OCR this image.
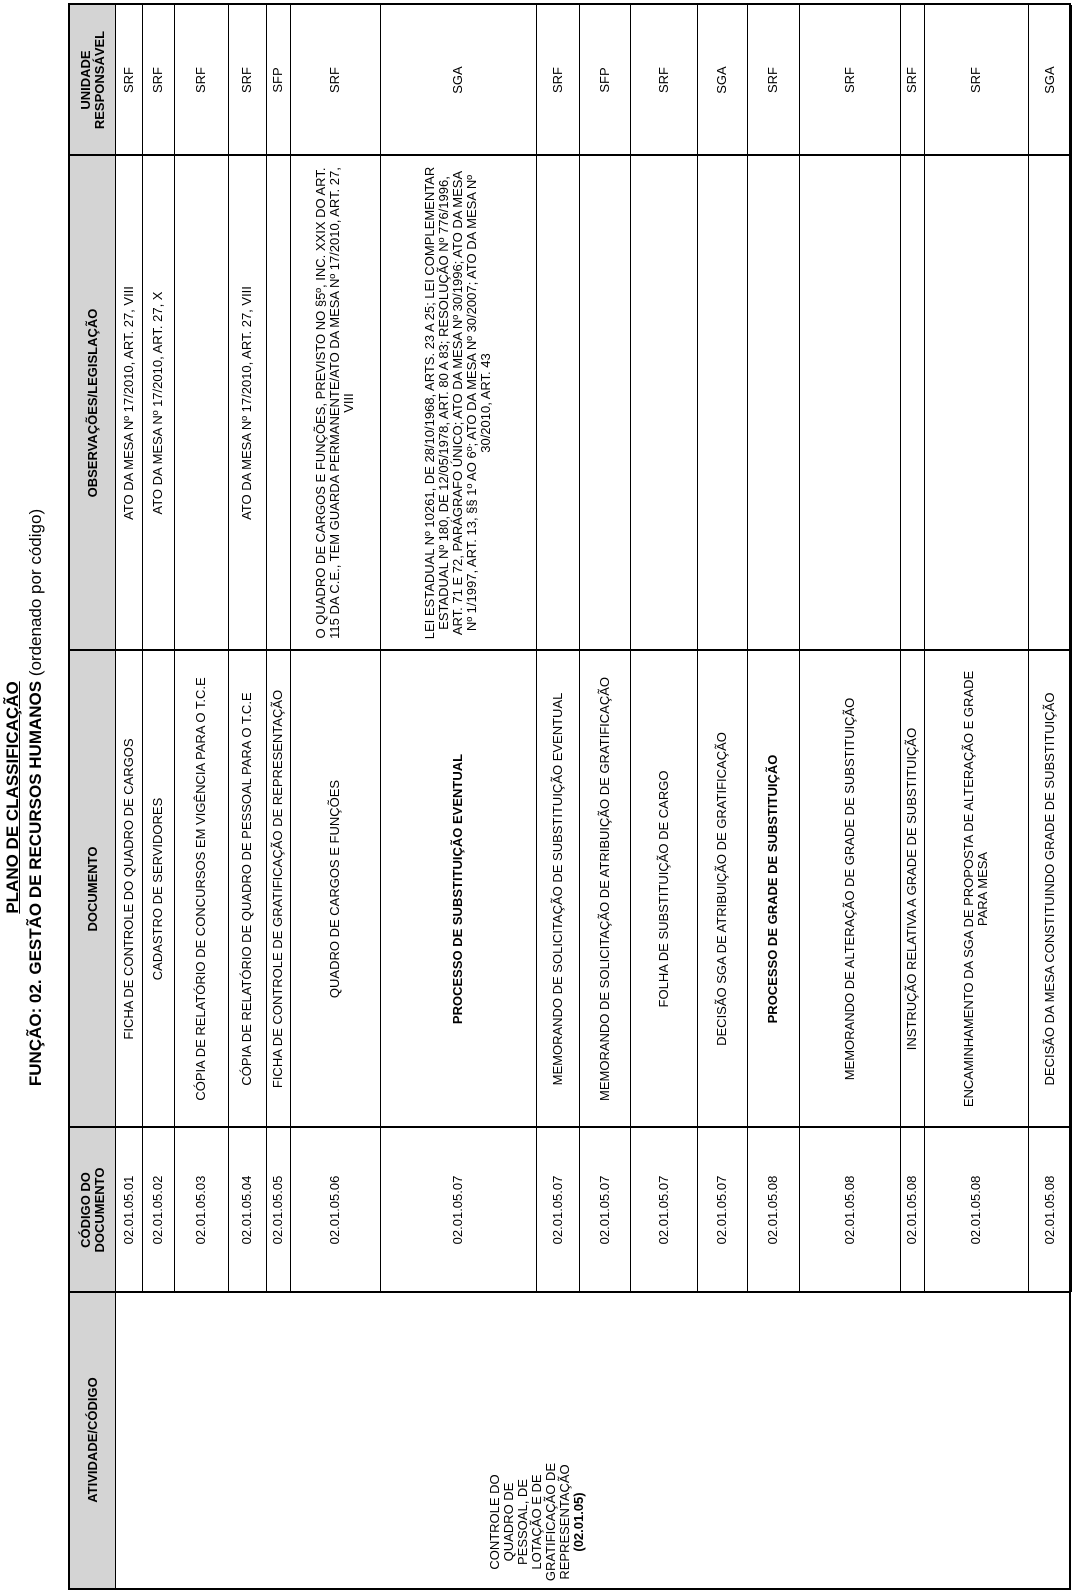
PLANO DE CLASSIFICAÇÃO FUNÇÃO: 02. GESTÃO DE RECURSOS HUMANOS (ordenado por código)
UNIDADE RESPONSÁVEL
OBSERVAÇÕES/LEGISLAÇÃO
DOCUMENTO
CÓDIGO DO DOCUMENTO
ATIVIDADE/CÓDIGO
CONTROLE DO QUADRO DE PESSOAL, DE LOTAÇÃO E DE GRATIFICAÇÃO DE REPRESENTAÇÃO
(02.01.05)
SRF
ATO DA MESA Nº 17/2010, ART. 27, VIII
FICHA DE CONTROLE DO QUADRO DE CARGOS
02.01.05.01
SRF
ATO DA MESA Nº 17/2010, ART. 27, X
CADASTRO DE SERVIDORES
02.01.05.02
SRF
CÓPIA DE RELATÓRIO DE CONCURSOS EM VIGÊNCIA PARA O T.C.E
02.01.05.03
SRF
ATO DA MESA Nº 17/2010, ART. 27, VIII
CÓPIA DE RELATÓRIO DE QUADRO DE PESSOAL PARA O T.C.E
02.01.05.04
SFP
FICHA DE CONTROLE DE GRATIFICAÇÃO DE REPRESENTAÇÃO
02.01.05.05
SRF
O QUADRO DE CARGOS E FUNÇÕES, PREVISTO NO §5º, INC. XXIX DO ART. 115 DA C.E., TEM GUARDA PERMANENTE/ATO DA MESA Nº 17/2010, ART. 27, VIII
QUADRO DE CARGOS E FUNÇÕES
02.01.05.06
SGA
LEI ESTADUAL Nº 10261, DE 28/10/1968, ARTS. 23 A 25; LEI COMPLEMENTAR ESTADUAL Nº 180, DE 12/05/1978, ART. 80 A 83; RESOLUÇÃO Nº 776/1996, ART. 71 E 72, PARÁGRAFO ÚNICO; ATO DA MESA Nº 30/1996; ATO DA MESA Nº 1/1997, ART. 13, §§ 1º AO 6º; ATO DA MESA Nº 30/2007; ATO DA MESA Nº 30/2010, ART. 43
PROCESSO DE SUBSTITUIÇÃO EVENTUAL
02.01.05.07
SRF
MEMORANDO DE SOLICITAÇÃO DE SUBSTITUIÇÃO EVENTUAL
02.01.05.07
SFP
MEMORANDO DE SOLICITAÇÃO DE ATRIBUIÇÃO DE GRATIFICAÇÃO
02.01.05.07
SRF
FOLHA DE SUBSTITUIÇÃO DE CARGO
02.01.05.07
SGA
DECISÃO SGA DE ATRIBUIÇÃO DE GRATIFICAÇÃO
02.01.05.07
SRF
PROCESSO DE GRADE DE SUBSTITUIÇÃO
02.01.05.08
SRF
MEMORANDO DE ALTERAÇÃO DE GRADE DE SUBSTITUIÇÃO
02.01.05.08
SRF
INSTRUÇÃO RELATIVA A GRADE DE SUBSTITUIÇÃO
02.01.05.08
SRF
ENCAMINHAMENTO DA SGA DE PROPOSTA DE ALTERAÇÃO E GRADE PARA MESA
02.01.05.08
SGA
DECISÃO DA MESA CONSTITUINDO GRADE DE SUBSTITUIÇÃO
02.01.05.08
